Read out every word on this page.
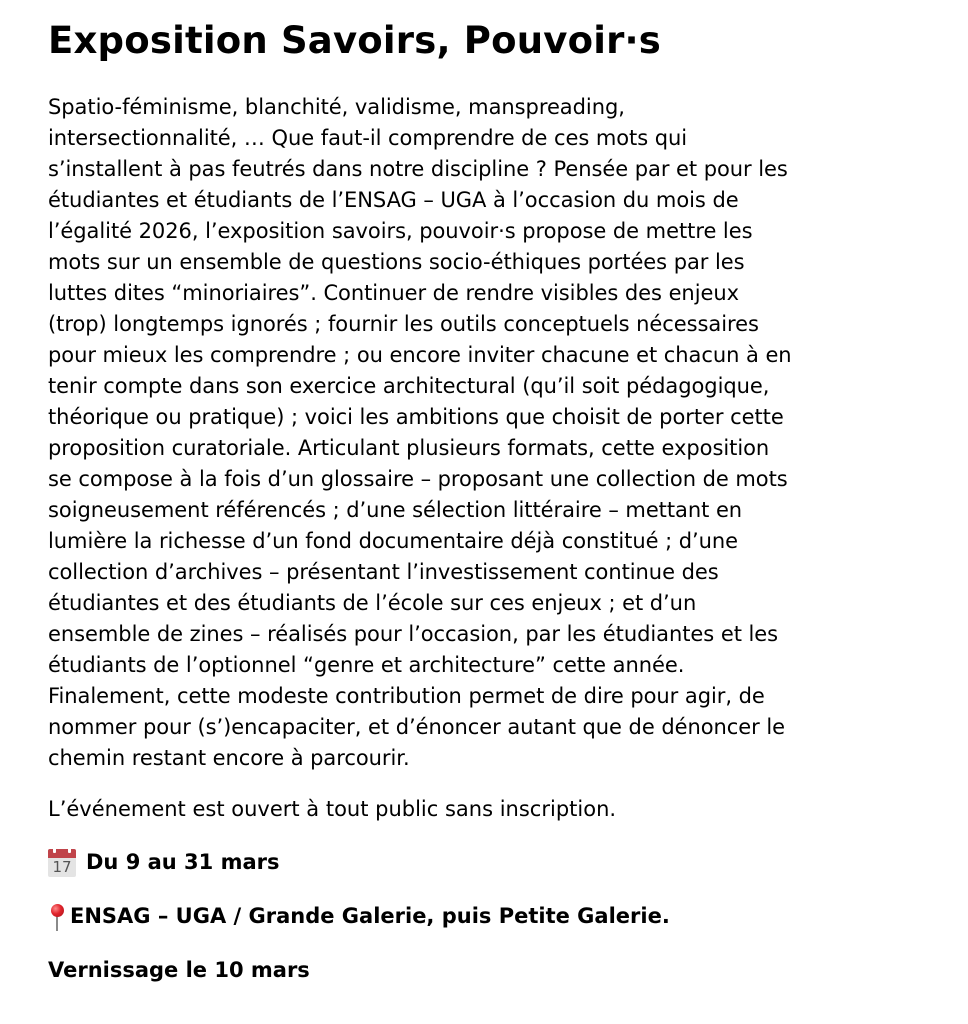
Exposition Savoirs, Pouvoir·s

Spatio-féminisme, blanchité, validisme, manspreading,
intersectionnalité, … Que faut-il comprendre de ces mots qui
s’installent à pas feutrés dans notre discipline ? Pensée par et pour les
étudiantes et étudiants de l’ENSAG – UGA à l’occasion du mois de
l’égalité 2026, l’exposition savoirs, pouvoir·s propose de mettre les
mots sur un ensemble de questions socio-éthiques portées par les
luttes dites “minoriaires”. Continuer de rendre visibles des enjeux
(trop) longtemps ignorés ; fournir les outils conceptuels nécessaires
pour mieux les comprendre ; ou encore inviter chacune et chacun à en
tenir compte dans son exercice architectural (qu’il soit pédagogique,
théorique ou pratique) ; voici les ambitions que choisit de porter cette
proposition curatoriale. Articulant plusieurs formats, cette exposition
se compose à la fois d’un glossaire – proposant une collection de mots
soigneusement référencés ; d’une sélection littéraire – mettant en
lumière la richesse d’un fond documentaire déjà constitué ; d’une
collection d’archives – présentant l’investissement continue des
étudiantes et des étudiants de l’école sur ces enjeux ; et d’un
ensemble de zines – réalisés pour l’occasion, par les étudiantes et les
étudiants de l’optionnel “genre et architecture” cette année.
Finalement, cette modeste contribution permet de dire pour agir, de
nommer pour (s’)encapaciter, et d’énoncer autant que de dénoncer le
chemin restant encore à parcourir.

L’événement est ouvert à tout public sans inscription.

17 Du 9 au 31 mars
ENSAG – UGA / Grande Galerie, puis Petite Galerie.
Vernissage le 10 mars
